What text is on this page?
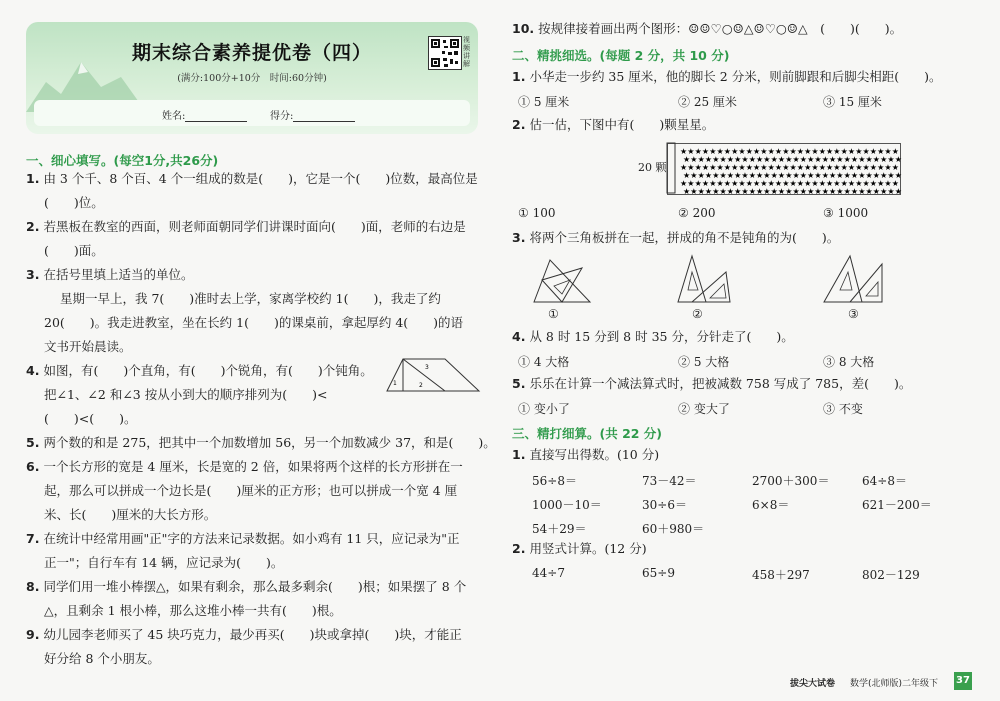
期末综合素养提优卷（四）
(满分:100分+10分　时间:60分钟)
视频讲解
姓名:	得分:
一、细心填写。(每空1分,共26分)
1. 由 3 个千、8 个百、4 个一组成的数是(　　)，它是一个(　　)位数，最高位是
(　　)位。
2. 若黑板在教室的西面，则老师面朝同学们讲课时面向(　　)面，老师的右边是
(　　)面。
3. 在括号里填上适当的单位。
星期一早上，我 7(　　)准时去上学，家离学校约 1(　　)，我走了约
20(　　)。我走进教室，坐在长约 1(　　)的课桌前，拿起厚约 4(　　)的语
文书开始晨读。
4. 如图，有(　　)个直角，有(　　)个锐角，有(　　)个钝角。
把∠1、∠2 和∠3 按从小到大的顺序排列为(　　)<
(　　)<(　　)。
5. 两个数的和是 275，把其中一个加数增加 56，另一个加数减少 37，和是(　　)。
6. 一个长方形的宽是 4 厘米，长是宽的 2 倍，如果将两个这样的长方形拼在一
起，那么可以拼成一个边长是(　　)厘米的正方形；也可以拼成一个宽 4 厘
米、长(　　)厘米的大长方形。
7. 在统计中经常用画"正"字的方法来记录数据。如小鸡有 11 只，应记录为"正
正一"；自行车有 14 辆，应记录为(　　)。
8. 同学们用一堆小棒摆△，如果有剩余，那么最多剩余(　　)根；如果摆了 8 个
△，且剩余 1 根小棒，那么这堆小棒一共有(　　)根。
9. 幼儿园李老师买了 45 块巧克力，最少再买(　　)块或拿掉(　　)块，才能正
好分给 8 个小朋友。
1
3
2
10. 按规律接着画出两个图形：☺☺♡○☺△☺♡○☺△　(　　)(　　)。
二、精挑细选。(每题 2 分，共 10 分)
1. 小华走一步约 35 厘米，他的脚长 2 分米，则前脚跟和后脚尖相距(　　)。
① 5 厘米	② 25 厘米	③ 15 厘米
2. 估一估，下图中有(　　)颗星星。
20 颗
★ ★ ★ ★ ★ ★ ★ ★ ★ ★ ★ ★ ★ ★ ★ ★ ★ ★ ★ ★ ★ ★ ★ ★ ★ ★ ★ ★ ★ ★
★ ★ ★ ★ ★ ★ ★ ★ ★ ★ ★ ★ ★ ★ ★ ★ ★ ★ ★ ★ ★ ★ ★ ★ ★ ★ ★ ★ ★ ★
★ ★ ★ ★ ★ ★ ★ ★ ★ ★ ★ ★ ★ ★ ★ ★ ★ ★ ★ ★ ★ ★ ★ ★ ★ ★ ★ ★ ★ ★
★ ★ ★ ★ ★ ★ ★ ★ ★ ★ ★ ★ ★ ★ ★ ★ ★ ★ ★ ★ ★ ★ ★ ★ ★ ★ ★ ★ ★ ★
★ ★ ★ ★ ★ ★ ★ ★ ★ ★ ★ ★ ★ ★ ★ ★ ★ ★ ★ ★ ★ ★ ★ ★ ★ ★ ★ ★ ★ ★
★ ★ ★ ★ ★ ★ ★ ★ ★ ★ ★ ★ ★ ★ ★ ★ ★ ★ ★ ★ ★ ★ ★ ★ ★ ★ ★ ★ ★ ★
① 100	② 200	③ 1000
3. 将两个三角板拼在一起，拼成的角不是钝角的为(　　)。
①	②	③
4. 从 8 时 15 分到 8 时 35 分，分针走了(　　)。
① 4 大格	② 5 大格	③ 8 大格
5. 乐乐在计算一个减法算式时，把被减数 758 写成了 785，差(　　)。
① 变小了	② 变大了	③ 不变
三、精打细算。(共 22 分)
1. 直接写出得数。(10 分)
56÷8＝	73－42＝	2700＋300＝	64÷8＝
1000－10＝	30÷6＝	6×8＝	621－200＝
54＋29＝	60＋980＝
2. 用竖式计算。(12 分)
44÷7	65÷9	458＋297	802－129
拔尖大试卷 数学(北师版)二年级下 37
